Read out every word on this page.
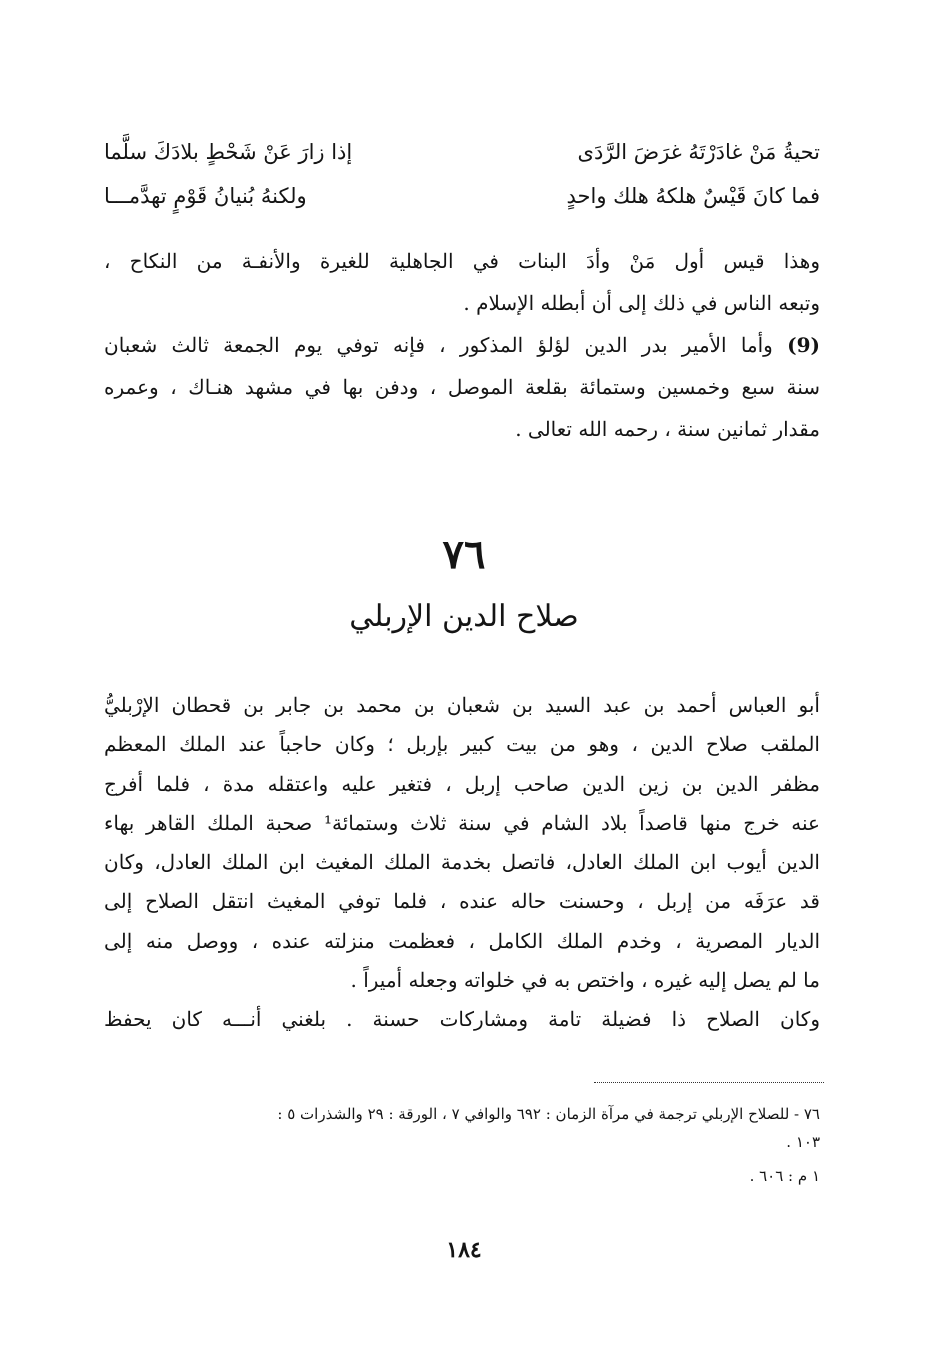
تحيةُ مَنْ غادَرْتَهُ غرَضَ الرَّدَى
إذا زارَ عَنْ شَحْطٍ بلادَكَ سلَّما
فما كانَ قَيْسٌ هلكهُ هلك واحدٍ
ولكنهُ بُنيانُ قَوْمٍ تهدَّمـــا
وهذا قيس أول مَنْ وأدَ البنات في الجاهلية للغيرة والأنفـة من النكاح ،
وتبعه الناس في ذلك إلى أن أبطله الإسلام .
(9) وأما الأمير بدر الدين لؤلؤ المذكور ، فإنه توفي يوم الجمعة ثالث شعبان
سنة سبع وخمسين وستمائة بقلعة الموصل ، ودفن بها في مشهد هنـاك ، وعمره
مقدار ثمانين سنة ، رحمه الله تعالى .
٧٦
صلاح الدين الإربلي
أبو العباس أحمد بن عبد السيد بن شعبان بن محمد بن جابر بن قحطان الإرْبليُّ
الملقب صلاح الدين ، وهو من بيت كبير بإربل ؛ وكان حاجباً عند الملك المعظم
مظفر الدين بن زين الدين صاحب إربل ، فتغير عليه واعتقله مدة ، فلما أفرج
عنه خرج منها قاصداً بلاد الشام في سنة ثلاث وستمائة¹ صحبة الملك القاهر بهاء
الدين أيوب ابن الملك العادل، فاتصل بخدمة الملك المغيث ابن الملك العادل، وكان
قد عرَفَه من إربل ، وحسنت حاله عنده ، فلما توفي المغيث انتقل الصلاح إلى
الديار المصرية ، وخدم الملك الكامل ، فعظمت منزلته عنده ، ووصل منه إلى
ما لم يصل إليه غيره ، واختص به في خلواته وجعله أميراً .
وكان الصلاح ذا فضيلة تامة ومشاركات حسنة . بلغني أنـــه كان يحفظ
٧٦ - للصلاح الإربلي ترجمة في مرآة الزمان : ٦٩٢ والوافي ٧ ، الورقة : ٢٩ والشذرات ٥ :
١٠٣ .
١ م : ٦٠٦ .
١٨٤
